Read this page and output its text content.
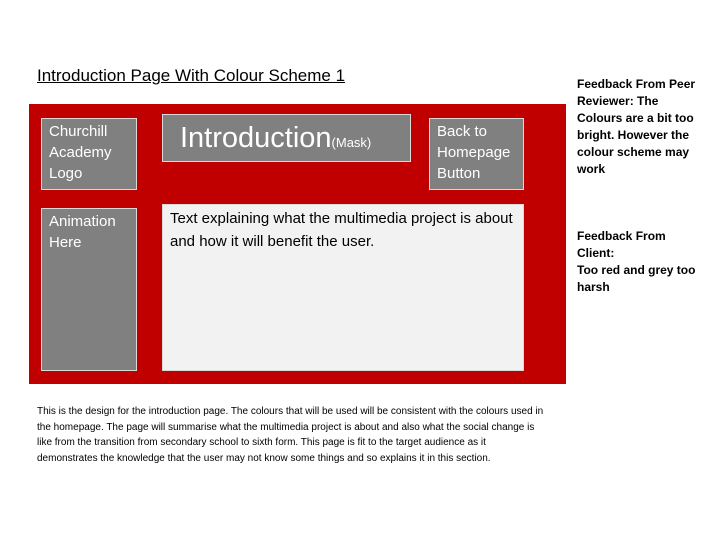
Introduction Page With Colour Scheme 1
Churchill
Academy
Logo
Introduction(Mask)
Back to
Homepage
Button
Animation
Here
Text explaining what the multimedia project is about and how it will benefit the user.
This is the design for the introduction page. The colours that will be used will be consistent with the colours used in the homepage. The page will summarise what the multimedia project is about and also what the social change is like from the transition from secondary school to sixth form. This page is fit to the target audience as it demonstrates the knowledge that the user may not know some things and so explains it in this section.
Feedback From Peer
Reviewer: The
Colours are a bit too
bright. However the
colour scheme may
work
Feedback From
Client:
Too red and grey too
harsh
